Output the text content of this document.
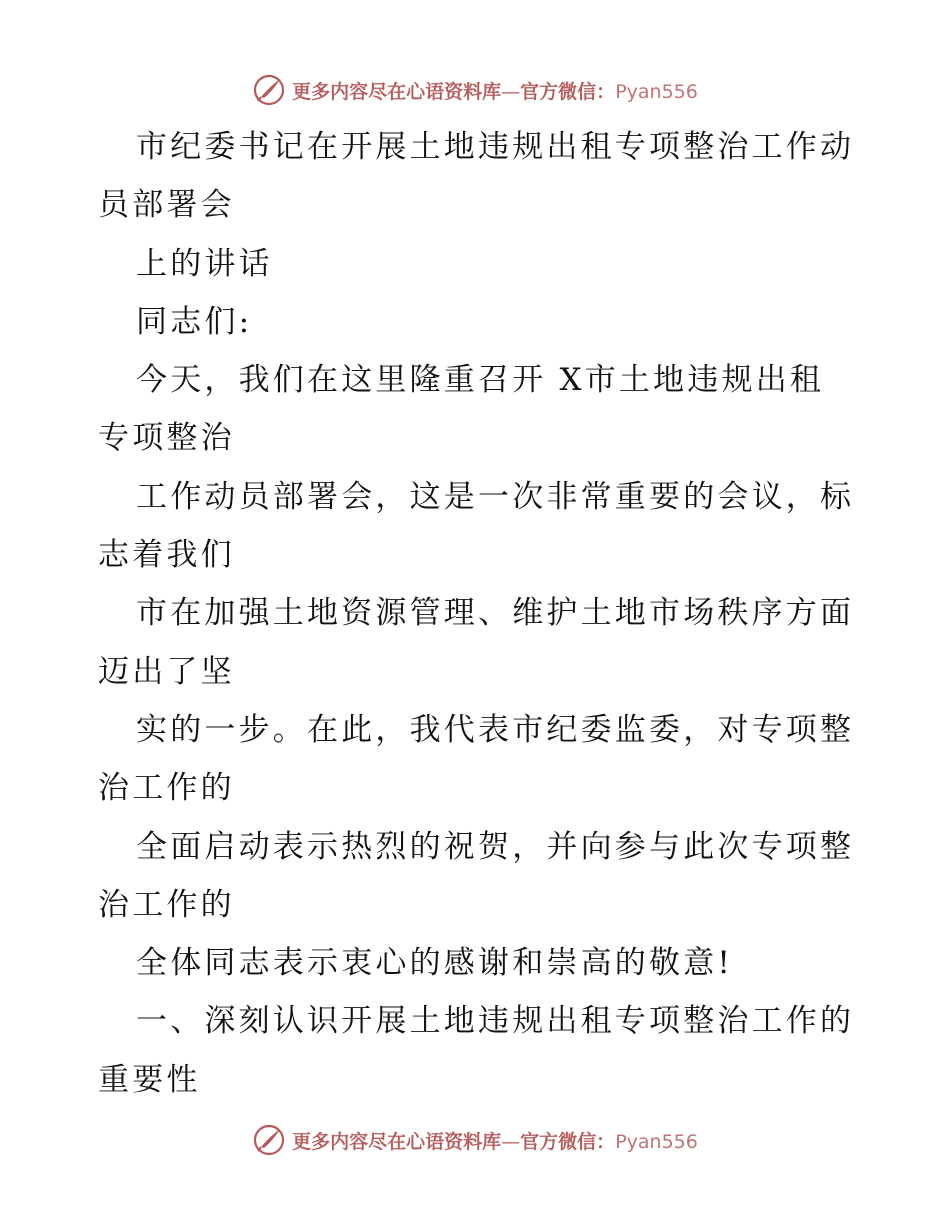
更多内容尽在心语资料库—官方微信：Pyan556
市纪委书记在开展土地违规出租专项整治工作动
员部署会
上的讲话
同志们:
今天，我们在这里隆重召开 X市土地违规出租
专项整治
工作动员部署会，这是一次非常重要的会议，标
志着我们
市在加强土地资源管理、维护土地市场秩序方面
迈出了坚
实的一步。在此，我代表市纪委监委，对专项整
治工作的
全面启动表示热烈的祝贺，并向参与此次专项整
治工作的
全体同志表示衷心的感谢和崇高的敬意!
一、深刻认识开展土地违规出租专项整治工作的
重要性
更多内容尽在心语资料库—官方微信：Pyan556
